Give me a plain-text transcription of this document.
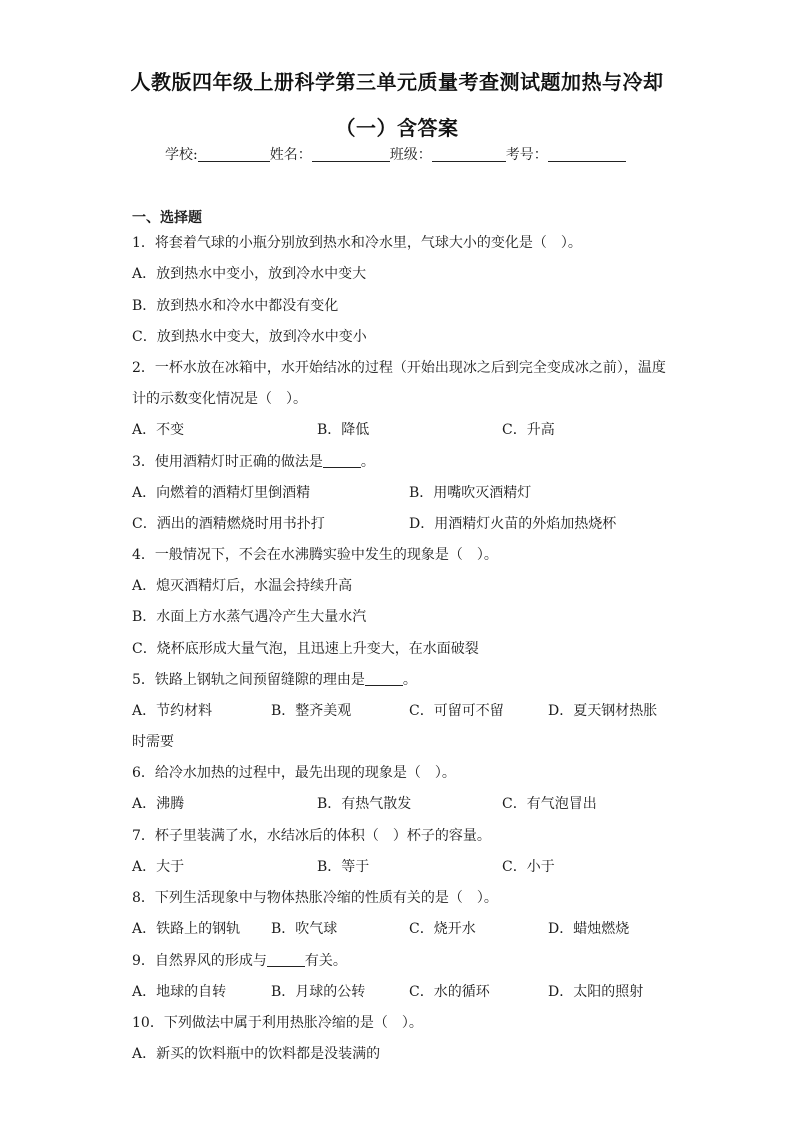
人教版四年级上册科学第三单元质量考查测试题加热与冷却
（一）含答案
学校:	姓名：	班级：	考号：
一、选择题
1．将套着气球的小瓶分别放到热水和冷水里，气球大小的变化是（　）。
A．放到热水中变小，放到冷水中变大
B．放到热水和冷水中都没有变化
C．放到热水中变大，放到冷水中变小
2．一杯水放在冰箱中，水开始结冰的过程（开始出现冰之后到完全变成冰之前），温度
计的示数变化情况是（　）。
A．不变	B．降低	C．升高
3．使用酒精灯时正确的做法是	。
A．向燃着的酒精灯里倒酒精	B．用嘴吹灭酒精灯
C．洒出的酒精燃烧时用书扑打	D．用酒精灯火苗的外焰加热烧杯
4．一般情况下，不会在水沸腾实验中发生的现象是（　）。
A．熄灭酒精灯后，水温会持续升高
B．水面上方水蒸气遇冷产生大量水汽
C．烧杯底形成大量气泡，且迅速上升变大，在水面破裂
5．铁路上钢轨之间预留缝隙的理由是	。
A．节约材料	B．整齐美观	C．可留可不留	D．夏天钢材热胀
时需要
6．给冷水加热的过程中，最先出现的现象是（　）。
A．沸腾	B．有热气散发	C．有气泡冒出
7．杯子里装满了水，水结冰后的体积（　）杯子的容量。
A．大于	B．等于	C．小于
8．下列生活现象中与物体热胀冷缩的性质有关的是（　）。
A．铁路上的钢轨 B．吹气球	C．烧开水	D．蜡烛燃烧
9．自然界风的形成与	有关。
A．地球的自转	B．月球的公转	C．水的循环	D．太阳的照射
10．下列做法中属于利用热胀冷缩的是（　）。
A．新买的饮料瓶中的饮料都是没装满的
